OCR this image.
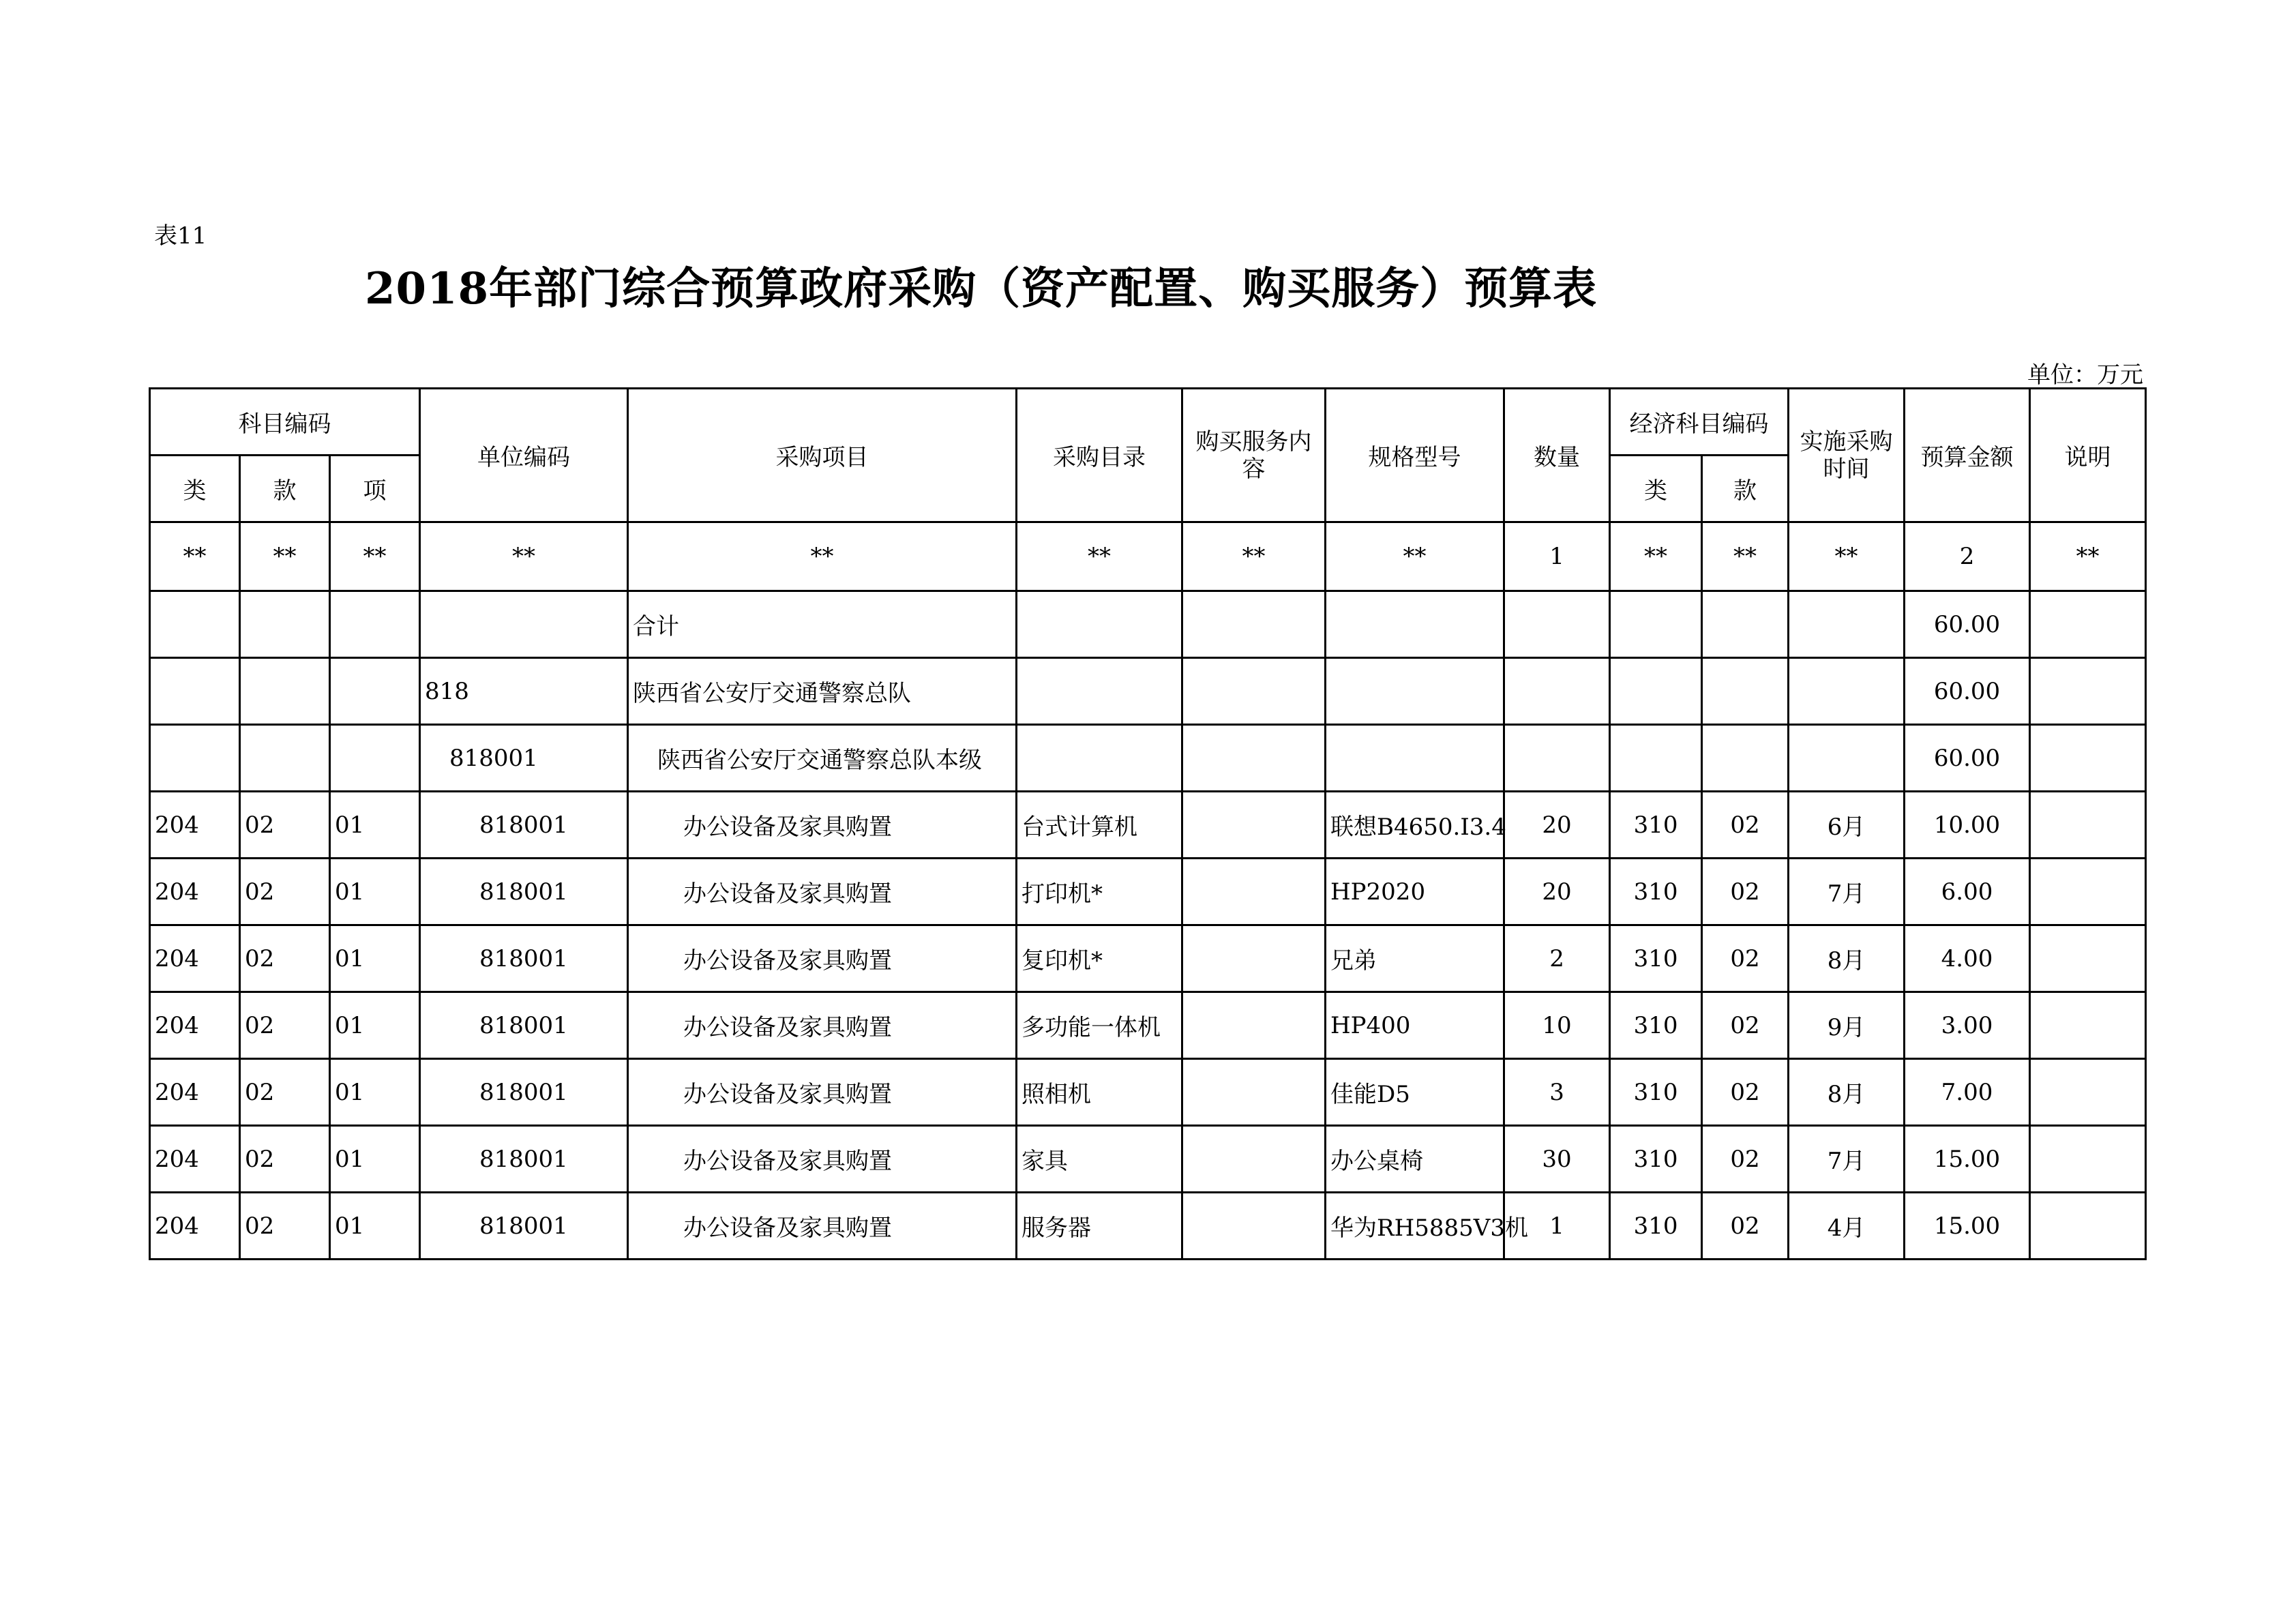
表11
2018年部门综合预算政府采购（资产配置、购买服务）预算表
单位：万元
科目编码			单位编码	采购项目	采购目录	购买服务内容	规格型号	数量	经济科目编码		实施采购时间	预算金额	说明
类	款	项							类	款			
**	**	**	**	**	**	**	**	1	**	**	**	2	**
				合计								60.00	
			818	陕西省公安厅交通警察总队								60.00	
			818001	陕西省公安厅交通警察总队本级								60.00	
204	02	01	818001	办公设备及家具购置	台式计算机		联想B4650.I3.4	20	310	02	6月	10.00	
204	02	01	818001	办公设备及家具购置	打印机*		HP2020	20	310	02	7月	6.00	
204	02	01	818001	办公设备及家具购置	复印机*		兄弟	2	310	02	8月	4.00	
204	02	01	818001	办公设备及家具购置	多功能一体机		HP400	10	310	02	9月	3.00	
204	02	01	818001	办公设备及家具购置	照相机		佳能D5	3	310	02	8月	7.00	
204	02	01	818001	办公设备及家具购置	家具		办公桌椅	30	310	02	7月	15.00	
204	02	01	818001	办公设备及家具购置	服务器		华为RH5885V3机	1	310	02	4月	15.00	
